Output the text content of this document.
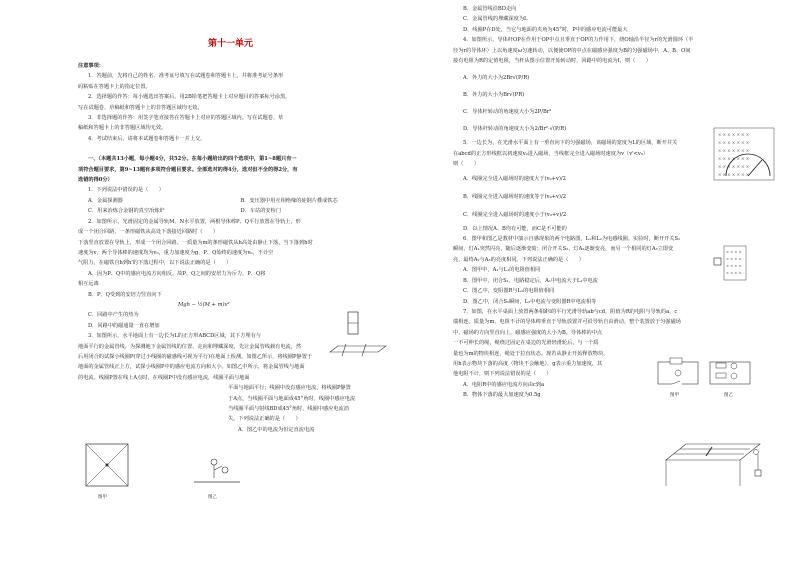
第十一单元
注意事项：
1．答题前，先将自己的姓名、准考证号填写在试题卷和答题卡上，并将准考证号条形
码粘贴在答题卡上的指定位置。
2．选择题的作答：每小题选出答案后，用2B铅笔把答题卡上对应题目的答案标号涂黑，
写在试题卷、草稿纸和答题卡上的非答题区域均无效。
3．非选择题的作答：用签字笔直接答在答题卡上对应的答题区域内。写在试题卷、草
稿纸和答题卡上的非答题区域均无效。
4．考试结束后，请将本试题卷和答题卡一并上交。
一、（本题共13小题，每小题4分，共52分。在每小题给出的四个选项中，第1~8题只有一
项符合题目要求，第9~13题有多项符合题目要求。全部选对的得4分，选对但不全的得2分，有
选错的得0分）
1．下列说法中错误的是（　　）
A．金属探测器	B．变压器中用互相绝缘的硅钢片叠成铁芯
C．用来冶炼合金钢的真空冶炼炉	D．车站的安检门
2．如图所示，光滑固定的金属导轨M、N水平放置，两根导体棒P、Q平行放置在导轨上，形
成一个闭合回路，一条形磁铁从高处下落接近回路时（　　）
下落竖直放置在导轨上，形成一个闭合回路。一质量为m的条形磁铁从h高处由静止下落，当下落到h时
速度为v，两个导体棒的速度均为v₀，重力加速度为g，P、Q始终的速度为v₀，不计空
气阻力，在磁铁自h到h'的下落过程中，以下说法正确的是（　　）
A．因为P、Q中的感应电流方向相反，故P、Q之间的安培力为斥力，P、Q将
相互远离
B．P、Q受到的安培力竖直向下
Mgh − ½(M + m)v²
C．回路中产生的热为
D．回路中的磁通量一直在增加
3．如图所示，水平地面上有一边长为L的正方形ABCD区域，其下方埋有与
地面平行的金属管线。为探测地下金属管线的位置、走向和埋藏深度，先让金属管线载有电流，然
后用闭合的试探小线圈P(穿过小线圈的磁感线可视为平行)在地面上检测。如图乙所示，将线圈P静置于
地面的金属管线正上方，试探小线圈P中的感应电流方向和大小。如图乙中所示，将金属管线与地面
的电流。线圈P置在线上A点时，在线圈P中没有感应电流，线圈平面与地面
平面与地面平行；线圈中没有感应电流，将线圈P静置
于A点，当线圈平面与地面成45°角时，线圈中感应电流
当线圈平面与射线BD成45°角时，线圈中感应电流消
失。下列说法正确的是（　　）
A．图乙中的电流为恒定直流电流
图甲	图乙
B．金属管线沿BD走向
C．金属管线的埋藏深度为L
D．线圈P在D处，当它与地面的夹角为45°时，P中的感应电流可能最大
4．如图所示，导体杆OP在作用于OP中点且垂直于OP的力作用下，绕O轴沿半径为r的光滑圆环（半
径为r的导体环）上以角速度ω匀速转动，以便使OP的中点在磁感应强度为B的匀强磁场中，A、B、O间
接有电阻为R的定值电阻，当杆从图示位置开始转动时，回路中的电流为I，则（　　）
A．外力的大小为2Br√(P/R)
B．外力的大小为Br√(PR)
C．导体杆转动的角速度大小为2P/Br²
D．导体杆转动的角速度大小为2/Br²·√(P/R)
5．一边长为，在光滑水平面上有一垂直向下的匀强磁场，该磁场的宽度为L的区域，断开并关
在abcd的正方形线框以初速度v₀进入磁场，当线框完全进入磁场时速度为v（v'<v₀）
则（　　）
A．线圈完全进入磁场时的速度大于(v₀+v)/2
B．线圈完全进入磁场时的速度等于(v₀+v)/2
C．线圈完全进入磁场时的速度小于(v₀+v)/2
D．以上情况A、B均有可能，而C是不可能的
6．图甲和图乙是教材中演示自感现象的两个电路图，L₁和L₂为电感线圈。实验时，断开开关S₁
瞬间，灯A₁突然闪亮，随后逐渐变暗；闭合开关S₂，灯A₂逐渐变亮，而另一个相同的灯A₃立即变
亮，最终A₂与A₃的亮度相同。下列说法正确的是（　　）
A．图甲中，A₁与L₁的电阻值相同
B．图甲中，闭合S₁，电路稳定后，A₁中电流大于L₁中电流
C．图乙中，变阻器R与L₂的电阻值相同
D．图乙中，闭合S₂瞬间，L₂中电流与变阻器R中电流相等
7．如图，在水平桌面上放置两条相距l的平行光滑导轨ab与cd，阻值为R的电阻与导轨的a、c
端相连。质量为m、电阻不计的导体棒垂直于导轨放置并可沿导轨自由滑动。整个装置放于匀强磁场
中，磁场的方向竖直向上，磁感应强度的大小为B。导体棒的中点
一不可伸长的绳，绳绕过固定在桌边的光滑轻滑轮后，与一个质
量也为m的物块相连，绳处于拉直状态。现若从静止开始释放物块，
用h表示物块下落的高度（物块不会触地），g表示重力加速度，其
他电阻不计，则下列说法错误的是（　　）
A．电阻R中的感应电流方向由c到a
B．物体下落的最大加速度为0.5g
× × × × × × ×
× × × × × × ×
× × × × × × ×
× × × × × × ×
× × × × × × ×
× × × × × × ×
× × × ×
× × × ×
× × × ×
× × × ×
图甲	图乙
